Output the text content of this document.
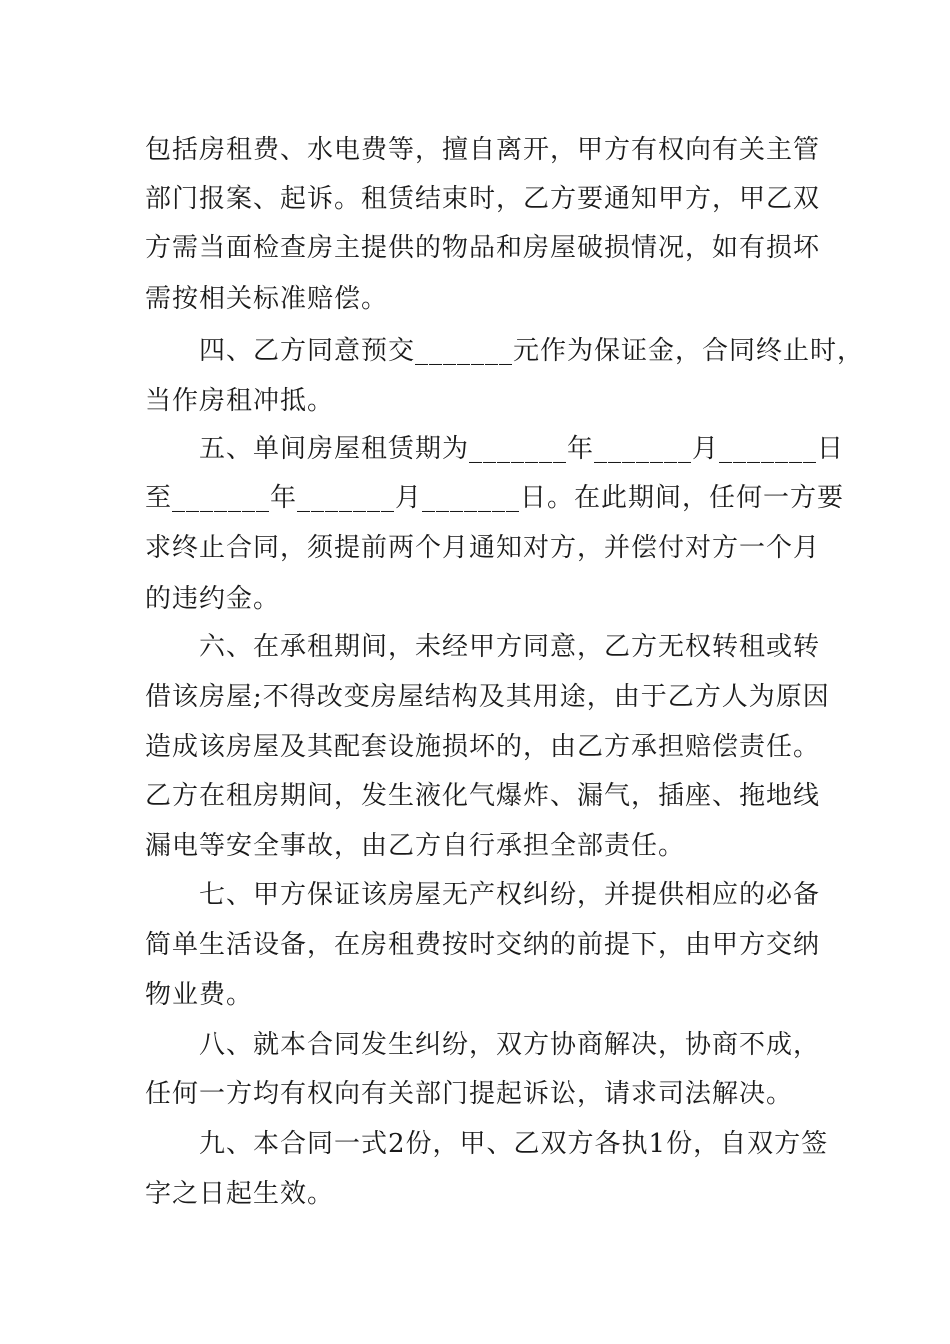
包括房租费、水电费等，擅自离开，甲方有权向有关主管
部门报案、起诉。租赁结束时，乙方要通知甲方，甲乙双
方需当面检查房主提供的物品和房屋破损情况，如有损坏
需按相关标准赔偿。
四、乙方同意预交_______元作为保证金，合同终止时，
当作房租冲抵。
五、单间房屋租赁期为_______年_______月_______日
至_______年_______月_______日。在此期间，任何一方要
求终止合同，须提前两个月通知对方，并偿付对方一个月
的违约金。
六、在承租期间，未经甲方同意，乙方无权转租或转
借该房屋;不得改变房屋结构及其用途，由于乙方人为原因
造成该房屋及其配套设施损坏的，由乙方承担赔偿责任。
乙方在租房期间，发生液化气爆炸、漏气，插座、拖地线
漏电等安全事故，由乙方自行承担全部责任。
七、甲方保证该房屋无产权纠纷，并提供相应的必备
简单生活设备，在房租费按时交纳的前提下，由甲方交纳
物业费。
八、就本合同发生纠纷，双方协商解决，协商不成，
任何一方均有权向有关部门提起诉讼，请求司法解决。
九、本合同一式2份，甲、乙双方各执1份，自双方签
字之日起生效。
